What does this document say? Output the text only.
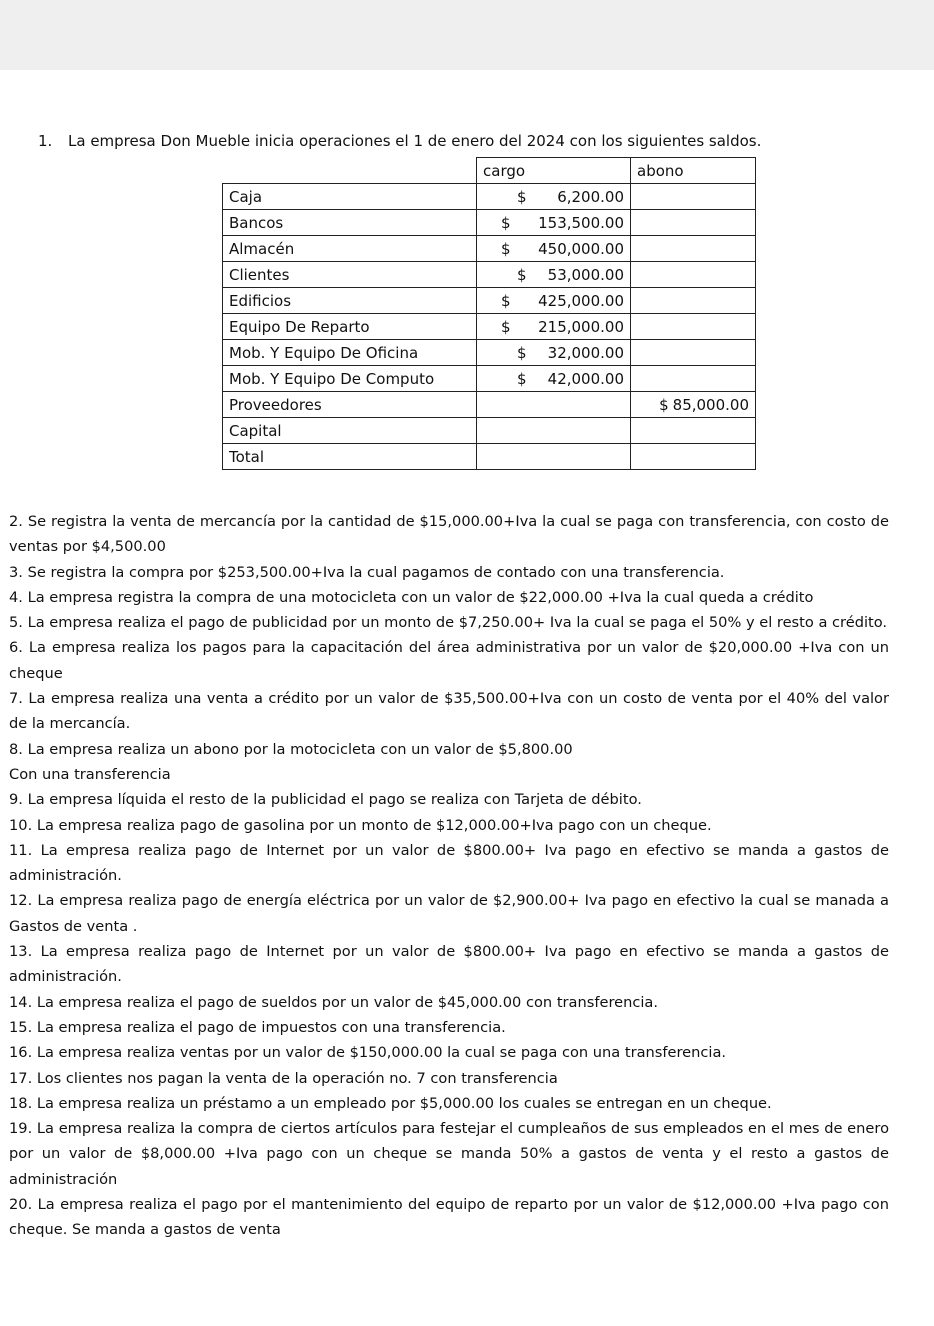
1. La empresa Don Mueble inicia operaciones el 1 de enero del 2024 con los siguientes saldos.
	cargo	abono
Caja	$ 6,200.00	

Bancos	$ 153,500.00	

Almacén	$ 450,000.00	

Clientes	$ 53,000.00	

Edificios	$ 425,000.00	

Equipo De Reparto	$ 215,000.00	

Mob. Y Equipo De Oficina	$ 32,000.00	

Mob. Y Equipo De Computo	$ 42,000.00	

Proveedores		$ 85,000.00

Capital		
Total		

2. Se registra la venta de mercancía por la cantidad de $15,000.00+Iva la cual se paga con transferencia, con costo de ventas por $4,500.00

3. Se registra la compra por $253,500.00+Iva la cual pagamos de contado con una transferencia.

4. La empresa registra la compra de una motocicleta con un valor de $22,000.00 +Iva la cual queda a crédito

5. La empresa realiza el pago de publicidad por un monto de $7,250.00+ Iva la cual se paga el 50% y el resto a crédito.

6. La empresa realiza los pagos para la capacitación del área administrativa por un valor de $20,000.00 +Iva con un cheque

7. La empresa realiza una venta a crédito por un valor de $35,500.00+Iva con un costo de venta por el 40% del valor de la mercancía.

8. La empresa realiza un abono por la motocicleta con un valor de $5,800.00

Con una transferencia

9. La empresa líquida el resto de la publicidad el pago se realiza con Tarjeta de débito.

10. La empresa realiza pago de gasolina por un monto de $12,000.00+Iva pago con un cheque.

11. La empresa realiza pago de Internet por un valor de $800.00+ Iva pago en efectivo se manda a gastos de administración.

12. La empresa realiza pago de energía eléctrica por un valor de $2,900.00+ Iva pago en efectivo la cual se manada a Gastos de venta .

13. La empresa realiza pago de Internet por un valor de $800.00+ Iva pago en efectivo se manda a gastos de administración.

14. La empresa realiza el pago de sueldos por un valor de $45,000.00 con transferencia.

15. La empresa realiza el pago de impuestos con una transferencia.

16. La empresa realiza ventas por un valor de $150,000.00 la cual se paga con una transferencia.

17. Los clientes nos pagan la venta de la operación no. 7 con transferencia

18. La empresa realiza un préstamo a un empleado por $5,000.00 los cuales se entregan en un cheque.

19. La empresa realiza la compra de ciertos artículos para festejar el cumpleaños de sus empleados en el mes de enero por un valor de $8,000.00 +Iva pago con un cheque se manda 50% a gastos de venta y el resto a gastos de administración

20. La empresa realiza el pago por el mantenimiento del equipo de reparto por un valor de $12,000.00 +Iva pago con cheque. Se manda a gastos de venta
